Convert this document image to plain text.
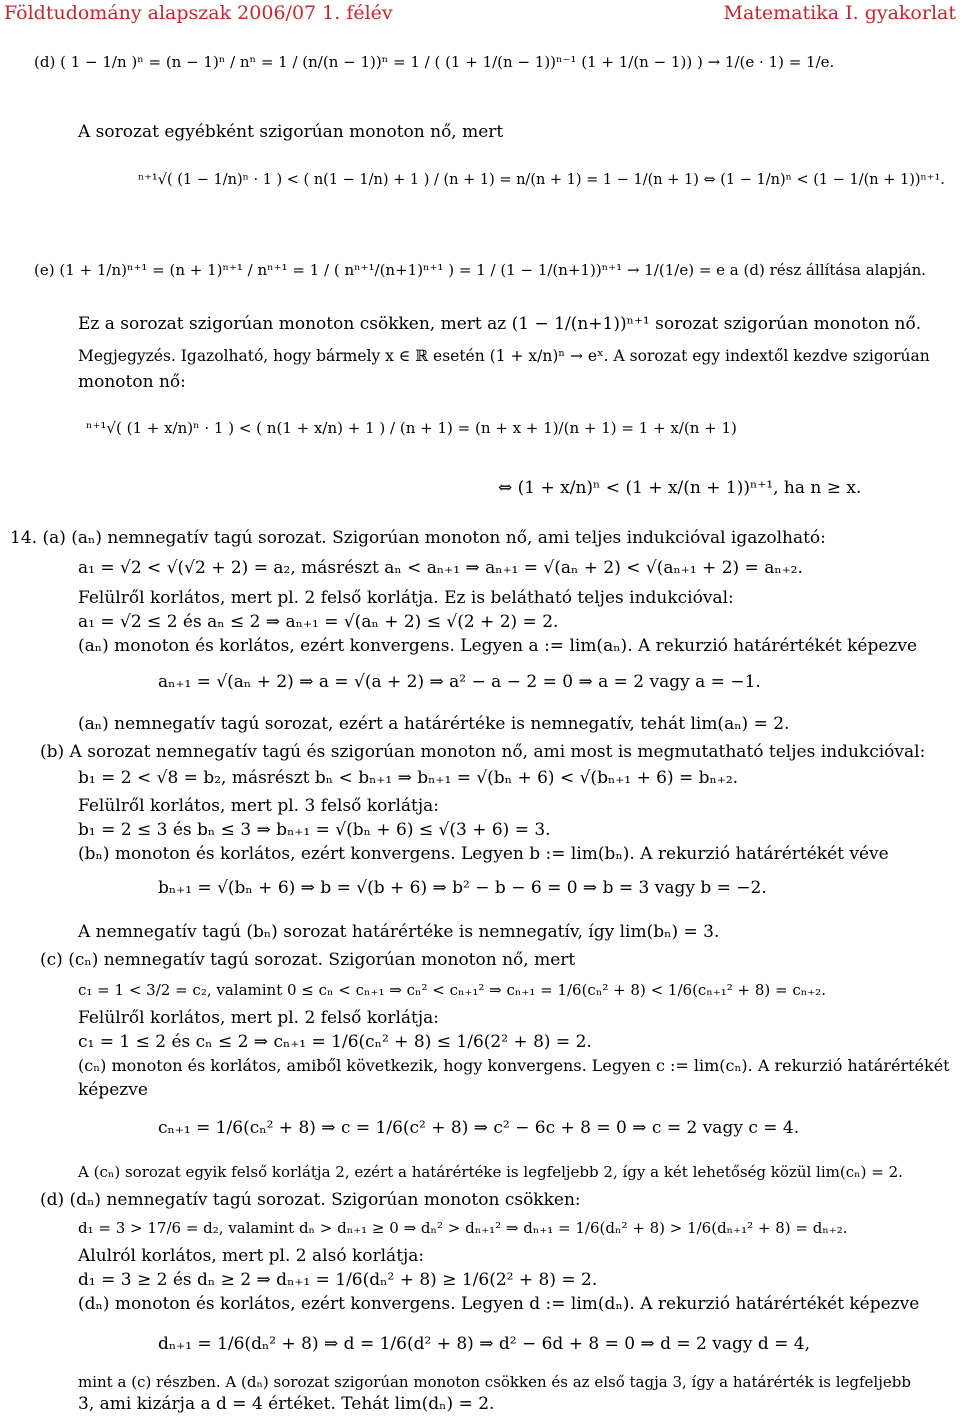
Földtudomány alapszak 2006/07 1. félév	Matematika I. gyakorlat
(d) ( 1 − 1/n )ⁿ = (n − 1)ⁿ / nⁿ = 1 / (n/(n − 1))ⁿ = 1 / ( (1 + 1/(n − 1))ⁿ⁻¹ (1 + 1/(n − 1)) ) → 1/(e · 1) = 1/e.
A sorozat egyébként szigorúan monoton nő, mert
ⁿ⁺¹√( (1 − 1/n)ⁿ · 1 ) < ( n(1 − 1/n) + 1 ) / (n + 1) = n/(n + 1) = 1 − 1/(n + 1) ⇔ (1 − 1/n)ⁿ < (1 − 1/(n + 1))ⁿ⁺¹.
(e) (1 + 1/n)ⁿ⁺¹ = (n + 1)ⁿ⁺¹ / nⁿ⁺¹ = 1 / ( nⁿ⁺¹/(n+1)ⁿ⁺¹ ) = 1 / (1 − 1/(n+1))ⁿ⁺¹ → 1/(1/e) = e a (d) rész állítása alapján.
Ez a sorozat szigorúan monoton csökken, mert az (1 − 1/(n+1))ⁿ⁺¹ sorozat szigorúan monoton nő.
Megjegyzés. Igazolható, hogy bármely x ∈ ℝ esetén (1 + x/n)ⁿ → eˣ. A sorozat egy indextől kezdve szigorúan
monoton nő:
ⁿ⁺¹√( (1 + x/n)ⁿ · 1 ) < ( n(1 + x/n) + 1 ) / (n + 1) = (n + x + 1)/(n + 1) = 1 + x/(n + 1)
⇔ (1 + x/n)ⁿ < (1 + x/(n + 1))ⁿ⁺¹, ha n ≥ x.
14. (a) (aₙ) nemnegatív tagú sorozat. Szigorúan monoton nő, ami teljes indukcióval igazolható:
a₁ = √2 < √(√2 + 2) = a₂, másrészt aₙ < aₙ₊₁ ⇒ aₙ₊₁ = √(aₙ + 2) < √(aₙ₊₁ + 2) = aₙ₊₂.
Felülről korlátos, mert pl. 2 felső korlátja. Ez is belátható teljes indukcióval:
a₁ = √2 ≤ 2 és aₙ ≤ 2 ⇒ aₙ₊₁ = √(aₙ + 2) ≤ √(2 + 2) = 2.
(aₙ) monoton és korlátos, ezért konvergens. Legyen a := lim(aₙ). A rekurzió határértékét képezve
aₙ₊₁ = √(aₙ + 2) ⇒ a = √(a + 2) ⇒ a² − a − 2 = 0 ⇒ a = 2 vagy a = −1.
(aₙ) nemnegatív tagú sorozat, ezért a határértéke is nemnegatív, tehát lim(aₙ) = 2.
(b) A sorozat nemnegatív tagú és szigorúan monoton nő, ami most is megmutatható teljes indukcióval:
b₁ = 2 < √8 = b₂, másrészt bₙ < bₙ₊₁ ⇒ bₙ₊₁ = √(bₙ + 6) < √(bₙ₊₁ + 6) = bₙ₊₂.
Felülről korlátos, mert pl. 3 felső korlátja:
b₁ = 2 ≤ 3 és bₙ ≤ 3 ⇒ bₙ₊₁ = √(bₙ + 6) ≤ √(3 + 6) = 3.
(bₙ) monoton és korlátos, ezért konvergens. Legyen b := lim(bₙ). A rekurzió határértékét véve
bₙ₊₁ = √(bₙ + 6) ⇒ b = √(b + 6) ⇒ b² − b − 6 = 0 ⇒ b = 3 vagy b = −2.
A nemnegatív tagú (bₙ) sorozat határértéke is nemnegatív, így lim(bₙ) = 3.
(c) (cₙ) nemnegatív tagú sorozat. Szigorúan monoton nő, mert
c₁ = 1 < 3/2 = c₂, valamint 0 ≤ cₙ < cₙ₊₁ ⇒ cₙ² < cₙ₊₁² ⇒ cₙ₊₁ = 1/6(cₙ² + 8) < 1/6(cₙ₊₁² + 8) = cₙ₊₂.
Felülről korlátos, mert pl. 2 felső korlátja:
c₁ = 1 ≤ 2 és cₙ ≤ 2 ⇒ cₙ₊₁ = 1/6(cₙ² + 8) ≤ 1/6(2² + 8) = 2.
(cₙ) monoton és korlátos, amiből következik, hogy konvergens. Legyen c := lim(cₙ). A rekurzió határértékét
képezve
cₙ₊₁ = 1/6(cₙ² + 8) ⇒ c = 1/6(c² + 8) ⇒ c² − 6c + 8 = 0 ⇒ c = 2 vagy c = 4.
A (cₙ) sorozat egyik felső korlátja 2, ezért a határértéke is legfeljebb 2, így a két lehetőség közül lim(cₙ) = 2.
(d) (dₙ) nemnegatív tagú sorozat. Szigorúan monoton csökken:
d₁ = 3 > 17/6 = d₂, valamint dₙ > dₙ₊₁ ≥ 0 ⇒ dₙ² > dₙ₊₁² ⇒ dₙ₊₁ = 1/6(dₙ² + 8) > 1/6(dₙ₊₁² + 8) = dₙ₊₂.
Alulról korlátos, mert pl. 2 alsó korlátja:
d₁ = 3 ≥ 2 és dₙ ≥ 2 ⇒ dₙ₊₁ = 1/6(dₙ² + 8) ≥ 1/6(2² + 8) = 2.
(dₙ) monoton és korlátos, ezért konvergens. Legyen d := lim(dₙ). A rekurzió határértékét képezve
dₙ₊₁ = 1/6(dₙ² + 8) ⇒ d = 1/6(d² + 8) ⇒ d² − 6d + 8 = 0 ⇒ d = 2 vagy d = 4,
mint a (c) részben. A (dₙ) sorozat szigorúan monoton csökken és az első tagja 3, így a határérték is legfeljebb
3, ami kizárja a d = 4 értéket. Tehát lim(dₙ) = 2.
